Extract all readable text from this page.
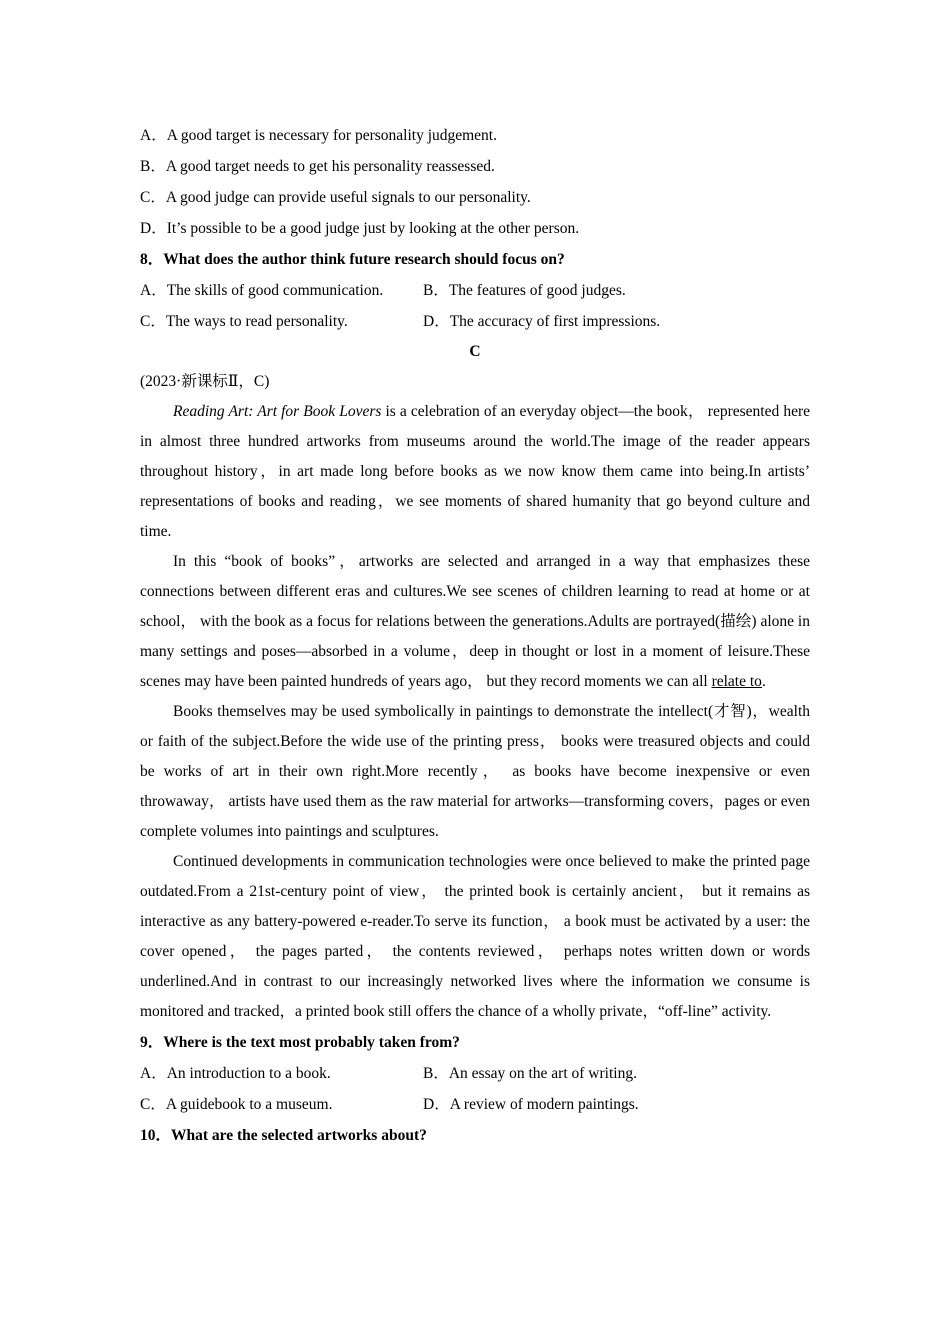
A．A good target is necessary for personality judgement.
B．A good target needs to get his personality reassessed.
C．A good judge can provide useful signals to our personality.
D．It’s possible to be a good judge just by looking at the other person.
8．What does the author think future research should focus on?
A．The skills of good communication.	B．The features of good judges.
C．The ways to read personality.	D．The accuracy of first impressions.
C
(2023·新课标Ⅱ，C)

Reading Art: Art for Book Lovers is a celebration of an everyday object—the book， represented here in almost three hundred artworks from museums around the world.The image of the reader appears throughout history，in art made long before books as we now know them came into being.In artists’ representations of books and reading，we see moments of shared humanity that go beyond culture and time.

In this “book of books”，artworks are selected and arranged in a way that emphasizes these connections between different eras and cultures.We see scenes of children learning to read at home or at school， with the book as a focus for relations between the generations.Adults are portrayed(描绘) alone in many settings and poses—absorbed in a volume，deep in thought or lost in a moment of leisure.These scenes may have been painted hundreds of years ago， but they record moments we can all relate to.

Books themselves may be used symbolically in paintings to demonstrate the intellect(才智)，wealth or faith of the subject.Before the wide use of the printing press， books were treasured objects and could be works of art in their own right.More recently， as books have become inexpensive or even throwaway， artists have used them as the raw material for artworks—transforming covers，pages or even complete volumes into paintings and sculptures.

Continued developments in communication technologies were once believed to make the printed page outdated.From a 21st-century point of view， the printed book is certainly ancient， but it remains as interactive as any battery-powered e-reader.To serve its function， a book must be activated by a user: the cover opened， the pages parted， the contents reviewed， perhaps notes written down or words underlined.And in contrast to our increasingly networked lives where the information we consume is monitored and tracked，a printed book still offers the chance of a wholly private，“off-line” activity.

9．Where is the text most probably taken from?
A．An introduction to a book.	B．An essay on the art of writing.
C．A guidebook to a museum.	D．A review of modern paintings.
10．What are the selected artworks about?
